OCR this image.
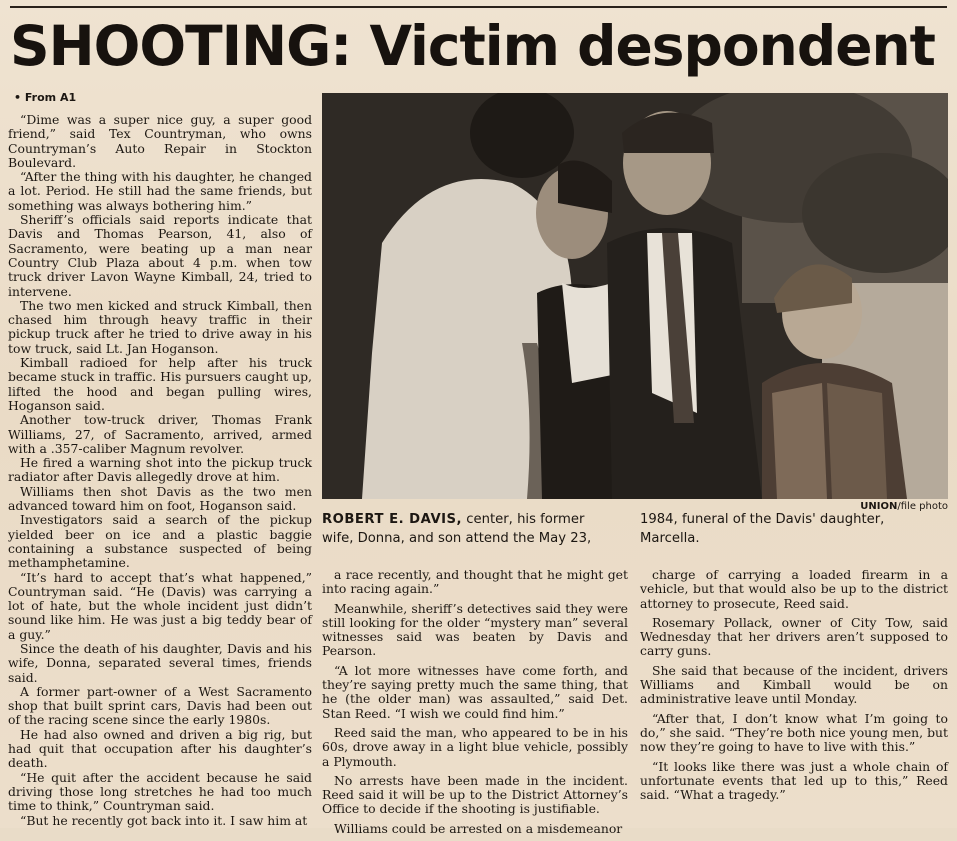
SHOOTING: Victim despondent
• From A1

“Dime was a super nice guy, a super good friend,” said Tex Countryman, who owns Countryman’s Auto Repair in Stockton Boulevard.

“After the thing with his daughter, he changed a lot. Period. He still had the same friends, but something was always bothering him.”

Sheriff’s officials said reports indicate that Davis and Thomas Pearson, 41, also of Sacramento, were beating up a man near Country Club Plaza about 4 p.m. when tow truck driver Lavon Wayne Kimball, 24, tried to intervene.

The two men kicked and struck Kimball, then chased him through heavy traffic in their pickup truck after he tried to drive away in his tow truck, said Lt. Jan Hoganson.

Kimball radioed for help after his truck became stuck in traffic. His pursuers caught up, lifted the hood and began pulling wires, Hoganson said.

Another tow-truck driver, Thomas Frank Williams, 27, of Sacramento, arrived, armed with a .357-caliber Magnum revolver.

He fired a warning shot into the pickup truck radiator after Davis allegedly drove at him.

Williams then shot Davis as the two men advanced toward him on foot, Hoganson said.

Investigators said a search of the pickup yielded beer on ice and a plastic baggie containing a substance suspected of being methamphetamine.

“It’s hard to accept that’s what happened,” Countryman said. “He (Davis) was carrying a lot of hate, but the whole incident just didn’t sound like him. He was just a big teddy bear of a guy.”

Since the death of his daughter, Davis and his wife, Donna, separated several times, friends said.

A former part-owner of a West Sacramento shop that built sprint cars, Davis had been out of the racing scene since the early 1980s.

He had also owned and driven a big rig, but had quit that occupation after his daughter’s death.

“He quit after the accident because he said driving those long stretches he had too much time to think,” Countryman said.

“But he recently got back into it. I saw him at

UNION/file photo
ROBERT E. DAVIS, center, his former
wife, Donna, and son attend the May 23,
1984, funeral of the Davis' daughter,
Marcella.

a race recently, and thought that he might get into racing again.”

Meanwhile, sheriff’s detectives said they were still looking for the older “mystery man” several witnesses said was beaten by Davis and Pearson.

“A lot more witnesses have come forth, and they’re saying pretty much the same thing, that he (the older man) was assaulted,” said Det. Stan Reed. “I wish we could find him.”

Reed said the man, who appeared to be in his 60s, drove away in a light blue vehicle, possibly a Plymouth.

No arrests have been made in the incident. Reed said it will be up to the District Attorney’s Office to decide if the shooting is justifiable.

Williams could be arrested on a misdemeanor

charge of carrying a loaded firearm in a vehicle, but that would also be up to the district attorney to prosecute, Reed said.

Rosemary Pollack, owner of City Tow, said Wednesday that her drivers aren’t supposed to carry guns.

She said that because of the incident, drivers Williams and Kimball would be on administrative leave until Monday.

“After that, I don’t know what I’m going to do,” she said. “They’re both nice young men, but now they’re going to have to live with this.”

“It looks like there was just a whole chain of unfortunate events that led up to this,” Reed said. “What a tragedy.”
